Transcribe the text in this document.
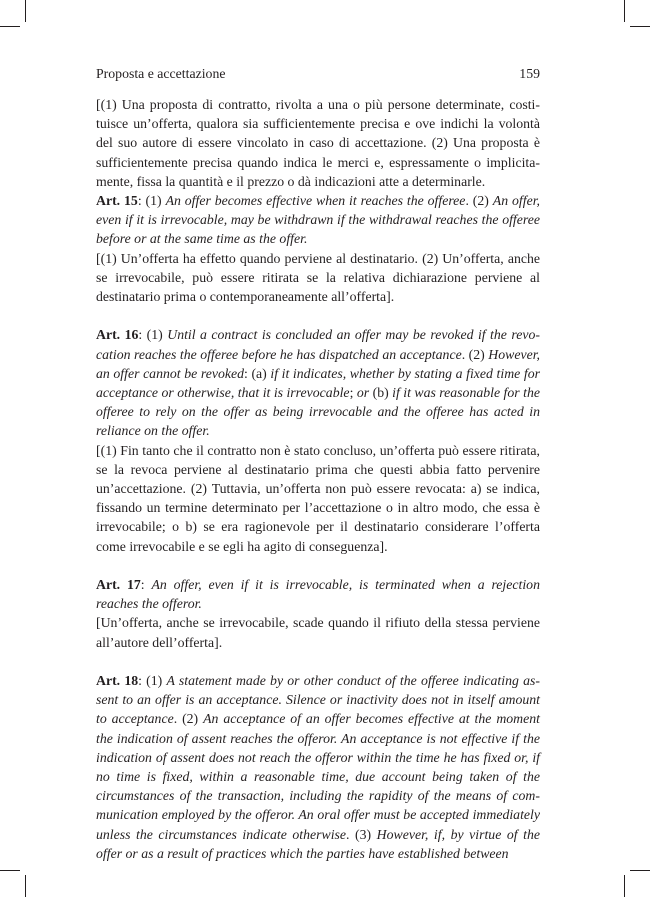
Proposta e accettazione	159

[(1) Una proposta di contratto, rivolta a una o più persone determinate, costituisce un’offerta, qualora sia sufficientemente precisa e ove indichi la volontà del suo autore di essere vincolato in caso di accettazione. (2) Una proposta è sufficientemente precisa quando indica le merci e, espressamente o implicitamente, fissa la quantità e il prezzo o dà indicazioni atte a determinarle.

Art. 15: (1) An offer becomes effective when it reaches the offeree. (2) An offer, even if it is irrevocable, may be withdrawn if the withdrawal reaches the offeree before or at the same time as the offer.

[(1) Un’offerta ha effetto quando perviene al destinatario. (2) Un’offerta, anche se irrevocabile, può essere ritirata se la relativa dichiarazione perviene al destinatario prima o contemporaneamente all’offerta].

Art. 16: (1) Until a contract is concluded an offer may be revoked if the revocation reaches the offeree before he has dispatched an acceptance. (2) However, an offer cannot be revoked: (a) if it indicates, whether by stating a fixed time for acceptance or otherwise, that it is irrevocable; or (b) if it was reasonable for the offeree to rely on the offer as being irrevocable and the offeree has acted in reliance on the offer.

[(1) Fin tanto che il contratto non è stato concluso, un’offerta può essere ritirata, se la revoca perviene al destinatario prima che questi abbia fatto pervenire un’accettazione. (2) Tuttavia, un’offerta non può essere revocata: a) se indica, fissando un termine determinato per l’accettazione o in altro modo, che essa è irrevocabile; o b) se era ragionevole per il destinatario considerare l’offerta come irrevocabile e se egli ha agito di conseguenza].

Art. 17: An offer, even if it is irrevocable, is terminated when a rejection reaches the offeror.

[Un’offerta, anche se irrevocabile, scade quando il rifiuto della stessa perviene all’autore dell’offerta].

Art. 18: (1) A statement made by or other conduct of the offeree indicating assent to an offer is an acceptance. Silence or inactivity does not in itself amount to acceptance. (2) An acceptance of an offer becomes effective at the moment the indication of assent reaches the offeror. An acceptance is not effective if the indication of assent does not reach the offeror within the time he has fixed or, if no time is fixed, within a reasonable time, due account being taken of the circumstances of the transaction, including the rapidity of the means of communication employed by the offeror. An oral offer must be accepted immediately unless the circumstances indicate otherwise. (3) However, if, by virtue of the offer or as a result of practices which the parties have established between
